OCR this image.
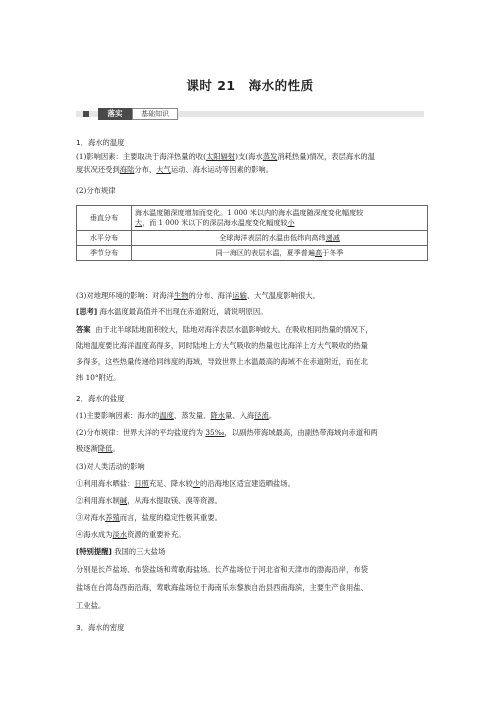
课时 21　海水的性质
落实	基础知识
1．海水的温度
(1)影响因素：主要取决于海洋热量的收(太阳辐射)支(海水蒸发消耗热量)情况，表层海水的温
度状况还受到海陆分布、大气运动、海水运动等因素的影响。
(2)分布规律
垂直分布	海水温度随深度增加而变化。1 000 米以内的海水温度随深度变化幅度较
大，而 1 000 米以下的深层海水温度变化幅度较小

水平分布	全球海洋表层的水温由低纬向高纬递减
季节分布	同一海区的表层水温，夏季普遍高于冬季
(3)对地理环境的影响：对海洋生物的分布、海洋运输、大气温度影响很大。
[思考] 海水温度最高值并不出现在赤道附近，请说明原因。
答案 由于北半球陆地面积较大，陆地对海洋表层水温影响较大。在吸收相同热量的情况下，
陆地温度要比海洋温度高得多，同时陆地上方大气吸收的热量也比海洋上方大气吸收的热量
多得多，这些热量传递给同纬度的海域，导致世界上水温最高的海域不在赤道附近，而在北
纬 10°附近。
2．海水的盐度
(1)主要影响因素：海水的温度、蒸发量、降水量、入海径流。
(2)分布规律：世界大洋的平均盐度约为 35‰，以副热带海域最高，由副热带海域向赤道和两
极逐渐降低。
(3)对人类活动的影响
①利用海水晒盐：日照充足、降水较少的沿海地区适宜建造晒盐场。
②利用海水制碱，从海水提取镁、溴等资源。
③对海水养殖而言，盐度的稳定性极其重要。
④海水成为淡水资源的重要补充。
[特别提醒] 我国的三大盐场
分别是长芦盐场、布袋盐场和莺歌海盐场。长芦盐场位于河北省和天津市的渤海沿岸，布袋
盐场在台湾岛西南沿海，莺歌海盐场位于海南乐东黎族自治县西南海滨，主要生产食用盐、
工业盐。
3．海水的密度
